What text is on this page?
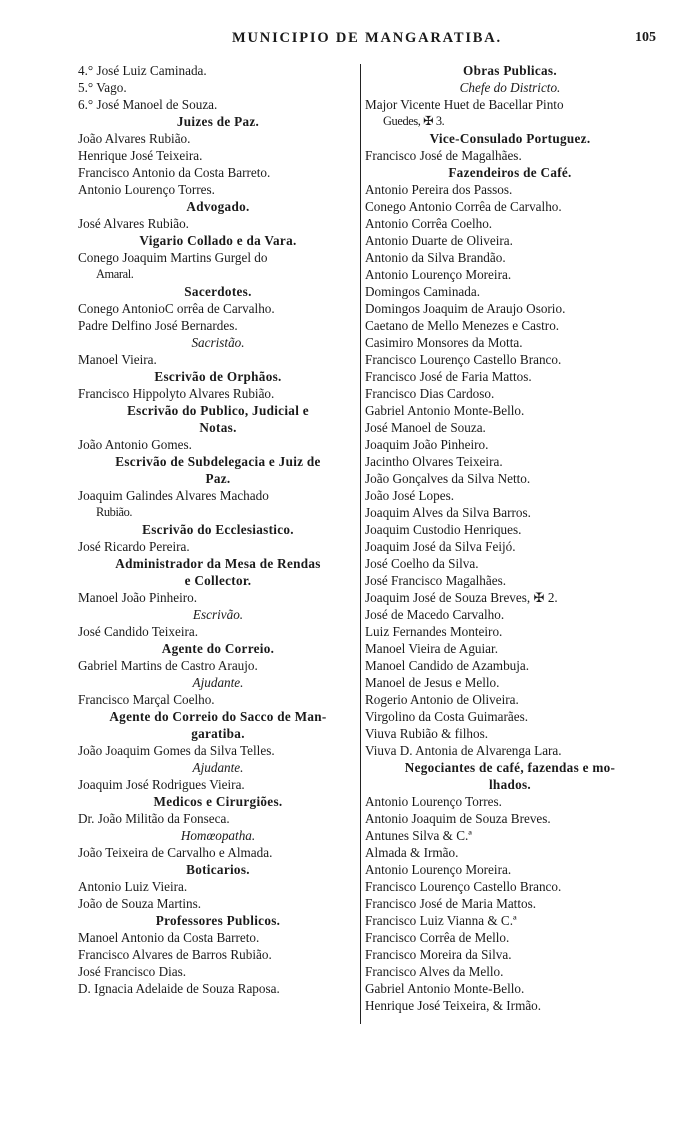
MUNICIPIO DE MANGARATIBA.	105
4.° José Luiz Caminada.
5.° Vago.
6.° José Manoel de Souza.
Juizes de Paz.
João Alvares Rubião.
Henrique José Teixeira.
Francisco Antonio da Costa Barreto.
Antonio Lourenço Torres.
Advogado.
José Alvares Rubião.
Vigario Collado e da Vara.
Conego Joaquim Martins Gurgel do
Amaral.
Sacerdotes.
Conego AntonioC orrêa de Carvalho.
Padre Delfino José Bernardes.
Sacristão.
Manoel Vieira.
Escrivão de Orphãos.
Francisco Hippolyto Alvares Rubião.
Escrivão do Publico, Judicial e
Notas.
João Antonio Gomes.
Escrivão de Subdelegacia e Juiz de
Paz.
Joaquim Galindes Alvares Machado
Rubião.
Escrivão do Ecclesiastico.
José Ricardo Pereira.
Administrador da Mesa de Rendas
e Collector.
Manoel João Pinheiro.
Escrivão.
José Candido Teixeira.
Agente do Correio.
Gabriel Martins de Castro Araujo.
Ajudante.
Francisco Marçal Coelho.
Agente do Correio do Sacco de Man-
garatiba.
João Joaquim Gomes da Silva Telles.
Ajudante.
Joaquim José Rodrigues Vieira.
Medicos e Cirurgiões.
Dr. João Militão da Fonseca.
Homœopatha.
João Teixeira de Carvalho e Almada.
Boticarios.
Antonio Luiz Vieira.
João de Souza Martins.
Professores Publicos.
Manoel Antonio da Costa Barreto.
Francisco Alvares de Barros Rubião.
José Francisco Dias.
D. Ignacia Adelaide de Souza Raposa.
Obras Publicas.
Chefe do Districto.
Major Vicente Huet de Bacellar Pinto
Guedes, ✠ 3.
Vice-Consulado Portuguez.
Francisco José de Magalhães.
Fazendeiros de Café.
Antonio Pereira dos Passos.
Conego Antonio Corrêa de Carvalho.
Antonio Corrêa Coelho.
Antonio Duarte de Oliveira.
Antonio da Silva Brandão.
Antonio Lourenço Moreira.
Domingos Caminada.
Domingos Joaquim de Araujo Osorio.
Caetano de Mello Menezes e Castro.
Casimiro Monsores da Motta.
Francisco Lourenço Castello Branco.
Francisco José de Faria Mattos.
Francisco Dias Cardoso.
Gabriel Antonio Monte-Bello.
José Manoel de Souza.
Joaquim João Pinheiro.
Jacintho Olvares Teixeira.
João Gonçalves da Silva Netto.
João José Lopes.
Joaquim Alves da Silva Barros.
Joaquim Custodio Henriques.
Joaquim José da Silva Feijó.
José Coelho da Silva.
José Francisco Magalhães.
Joaquim José de Souza Breves, ✠ 2.
José de Macedo Carvalho.
Luiz Fernandes Monteiro.
Manoel Vieira de Aguiar.
Manoel Candido de Azambuja.
Manoel de Jesus e Mello.
Rogerio Antonio de Oliveira.
Virgolino da Costa Guimarães.
Viuva Rubião & filhos.
Viuva D. Antonia de Alvarenga Lara.
Negociantes de café, fazendas e mo-
lhados.
Antonio Lourenço Torres.
Antonio Joaquim de Souza Breves.
Antunes Silva & C.ª
Almada & Irmão.
Antonio Lourenço Moreira.
Francisco Lourenço Castello Branco.
Francisco José de Maria Mattos.
Francisco Luiz Vianna & C.ª
Francisco Corrêa de Mello.
Francisco Moreira da Silva.
Francisco Alves da Mello.
Gabriel Antonio Monte-Bello.
Henrique José Teixeira, & Irmão.
